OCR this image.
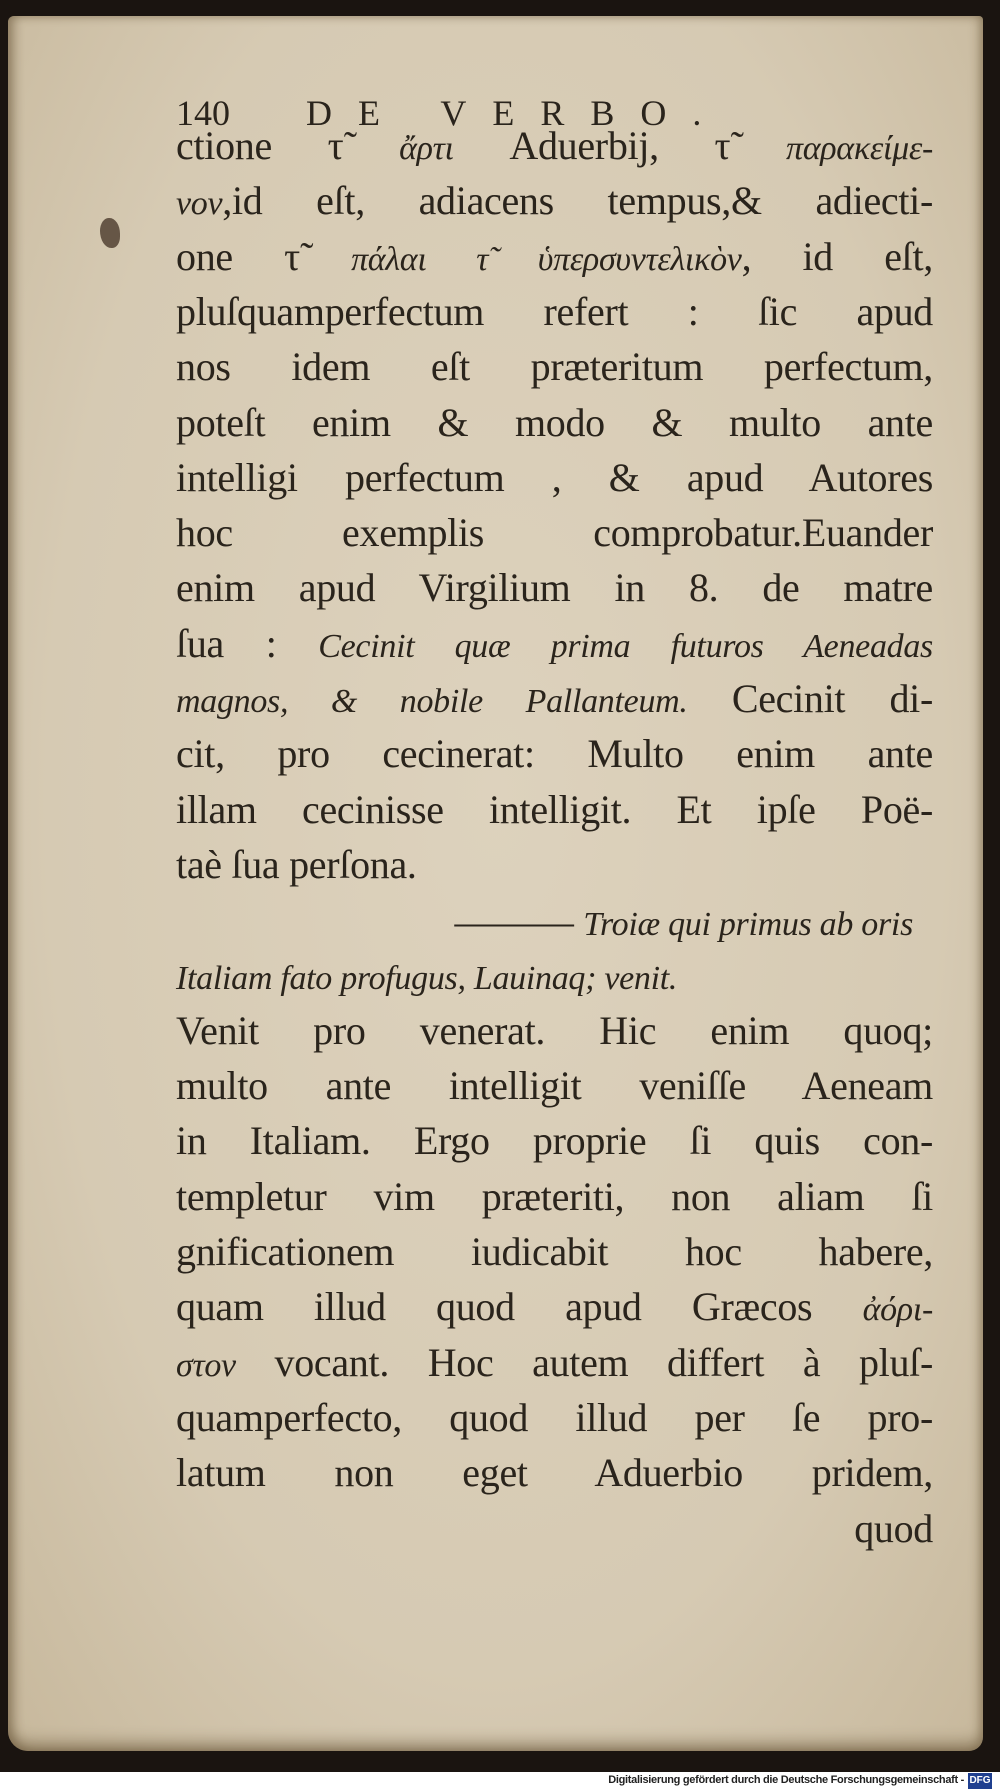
140 DE VERBO.
ctione τ̃ ἄρτι Aduerbij, τ̃ παρακείμε-
νον,id eſt, adiacens tempus,& adiecti-
one τ̃ πάλαι τ̃ ὑπερσυντελικὸν, id eſt,
pluſquamperfectum refert : ſic apud
nos idem eſt præteritum perfectum,
poteſt enim & modo & multo ante
intelligi perfectum , & apud Autores
hoc exemplis comprobatur.Euander
enim apud Virgilium in 8. de matre
ſua : Cecinit quæ prima futuros Aeneadas
magnos, & nobile Pallanteum. Cecinit di-
cit, pro cecinerat: Multo enim ante
illam cecinisse intelligit. Et ipſe Poë-
taè ſua perſona.
——— Troiæ qui primus ab oris
Italiam fato profugus, Lauinaq; venit.
Venit pro venerat. Hic enim quoq;
multo ante intelligit veniſſe Aeneam
in Italiam. Ergo proprie ſi quis con-
templetur vim præteriti, non aliam ſi
gnificationem iudicabit hoc habere,
quam illud quod apud Græcos ἀόρι-
στον vocant. Hoc autem differt à pluſ-
quamperfecto, quod illud per ſe pro-
latum non eget Aduerbio pridem,
quod
Digitalisierung gefördert durch die Deutsche Forschungsgemeinschaft - DFG
